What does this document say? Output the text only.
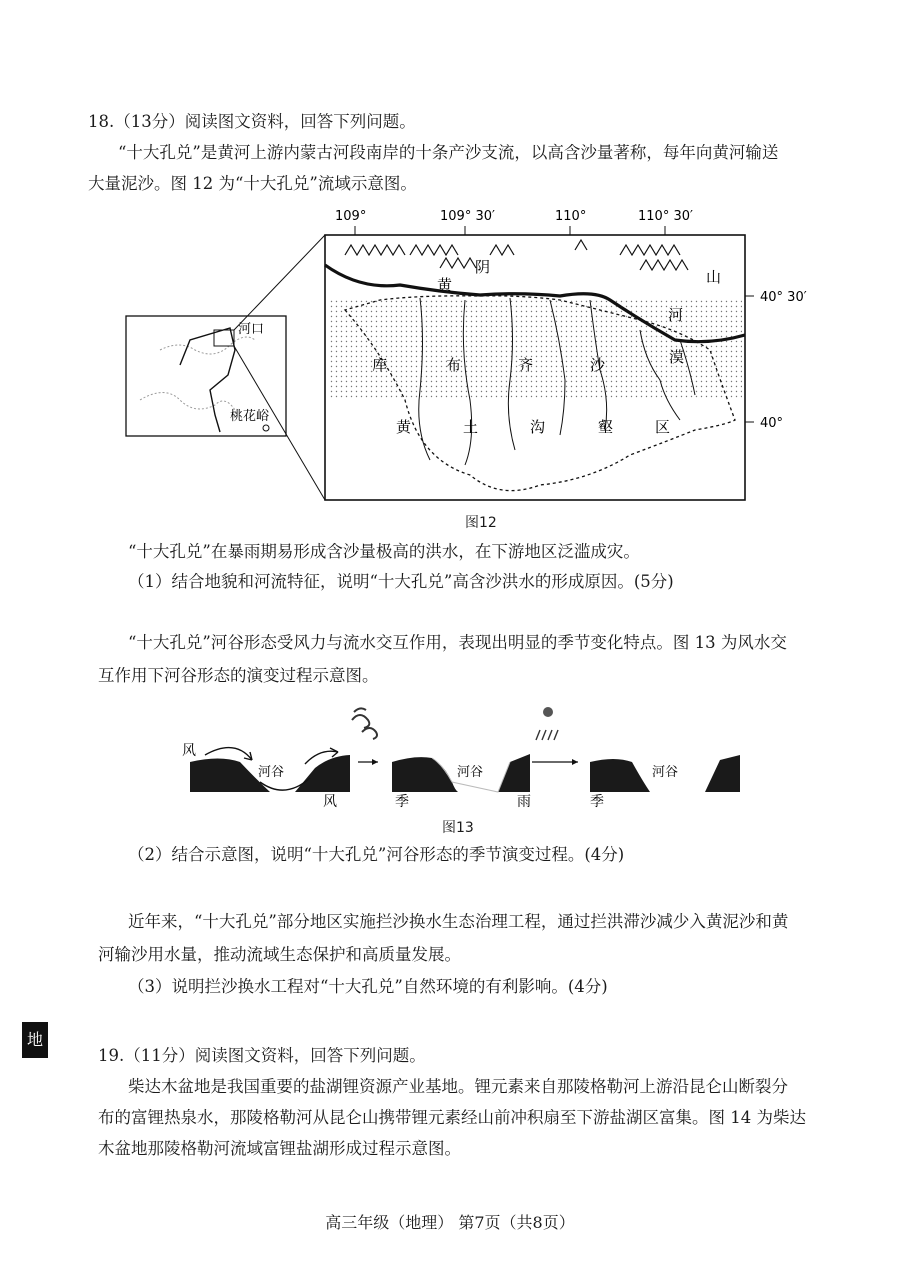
18.（13分）阅读图文资料，回答下列问题。
“十大孔兑”是黄河上游内蒙古河段南岸的十条产沙支流，以高含沙量著称，每年向黄河输送
大量泥沙。图 12 为“十大孔兑”流域示意图。
河口
桃花峪
109°	109° 30′	110°	110° 30′
40° 30′
40°
黄
阴
山
河
库	布	齐	沙	漠
黄	土	沟	壑	区
图12
“十大孔兑”在暴雨期易形成含沙量极高的洪水，在下游地区泛滥成灾。
（1）结合地貌和河流特征，说明“十大孔兑”高含沙洪水的形成原因。(5分)
“十大孔兑”河谷形态受风力与流水交互作用，表现出明显的季节变化特点。图 13 为风水交
互作用下河谷形态的演变过程示意图。
风
河谷	河谷	河谷
风	季	雨	季
图13
（2）结合示意图，说明“十大孔兑”河谷形态的季节演变过程。(4分)
近年来，“十大孔兑”部分地区实施拦沙换水生态治理工程，通过拦洪滞沙减少入黄泥沙和黄
河输沙用水量，推动流域生态保护和高质量发展。
（3）说明拦沙换水工程对“十大孔兑”自然环境的有利影响。(4分)
地
19.（11分）阅读图文资料，回答下列问题。
柴达木盆地是我国重要的盐湖锂资源产业基地。锂元素来自那陵格勒河上游沿昆仑山断裂分
布的富锂热泉水，那陵格勒河从昆仑山携带锂元素经山前冲积扇至下游盐湖区富集。图 14 为柴达
木盆地那陵格勒河流域富锂盐湖形成过程示意图。
高三年级（地理） 第7页（共8页）
